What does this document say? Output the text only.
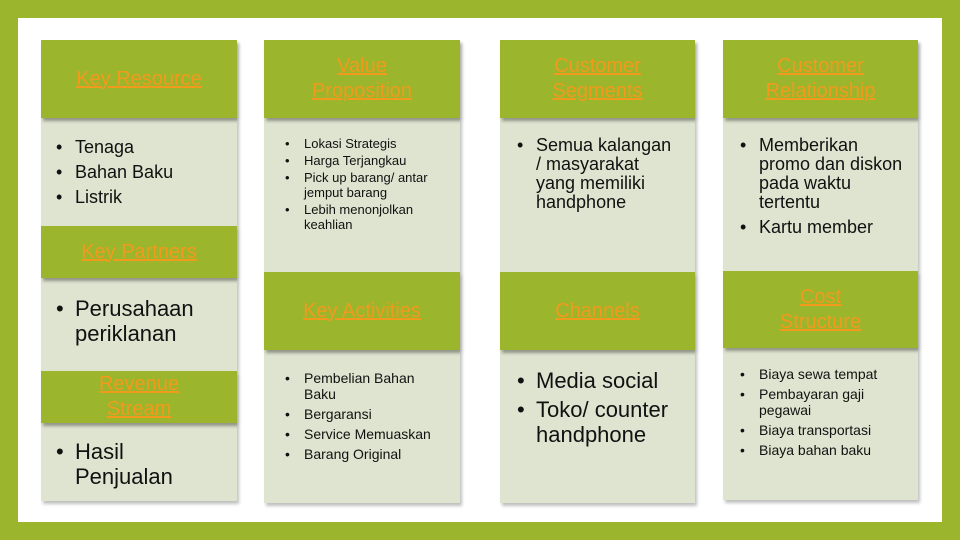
Key Resource
• Tenaga
• Bahan Baku
• Listrik
Key Partners
• Perusahaan periklanan
Revenue Stream
• Hasil Penjualan
Value Proposition
• Lokasi Strategis
• Harga Terjangkau
• Pick up barang/ antar jemput barang
• Lebih menonjolkan keahlian
Key Activities
• Pembelian Bahan Baku
• Bergaransi
• Service Memuaskan
• Barang Original
Customer Segments
• Semua kalangan / masyarakat yang memiliki handphone
Channels
• Media social
• Toko/ counter handphone
Customer Relationship
• Memberikan promo dan diskon pada waktu tertentu
• Kartu member
Cost Structure
• Biaya sewa tempat
• Pembayaran gaji pegawai
• Biaya transportasi
• Biaya bahan baku
